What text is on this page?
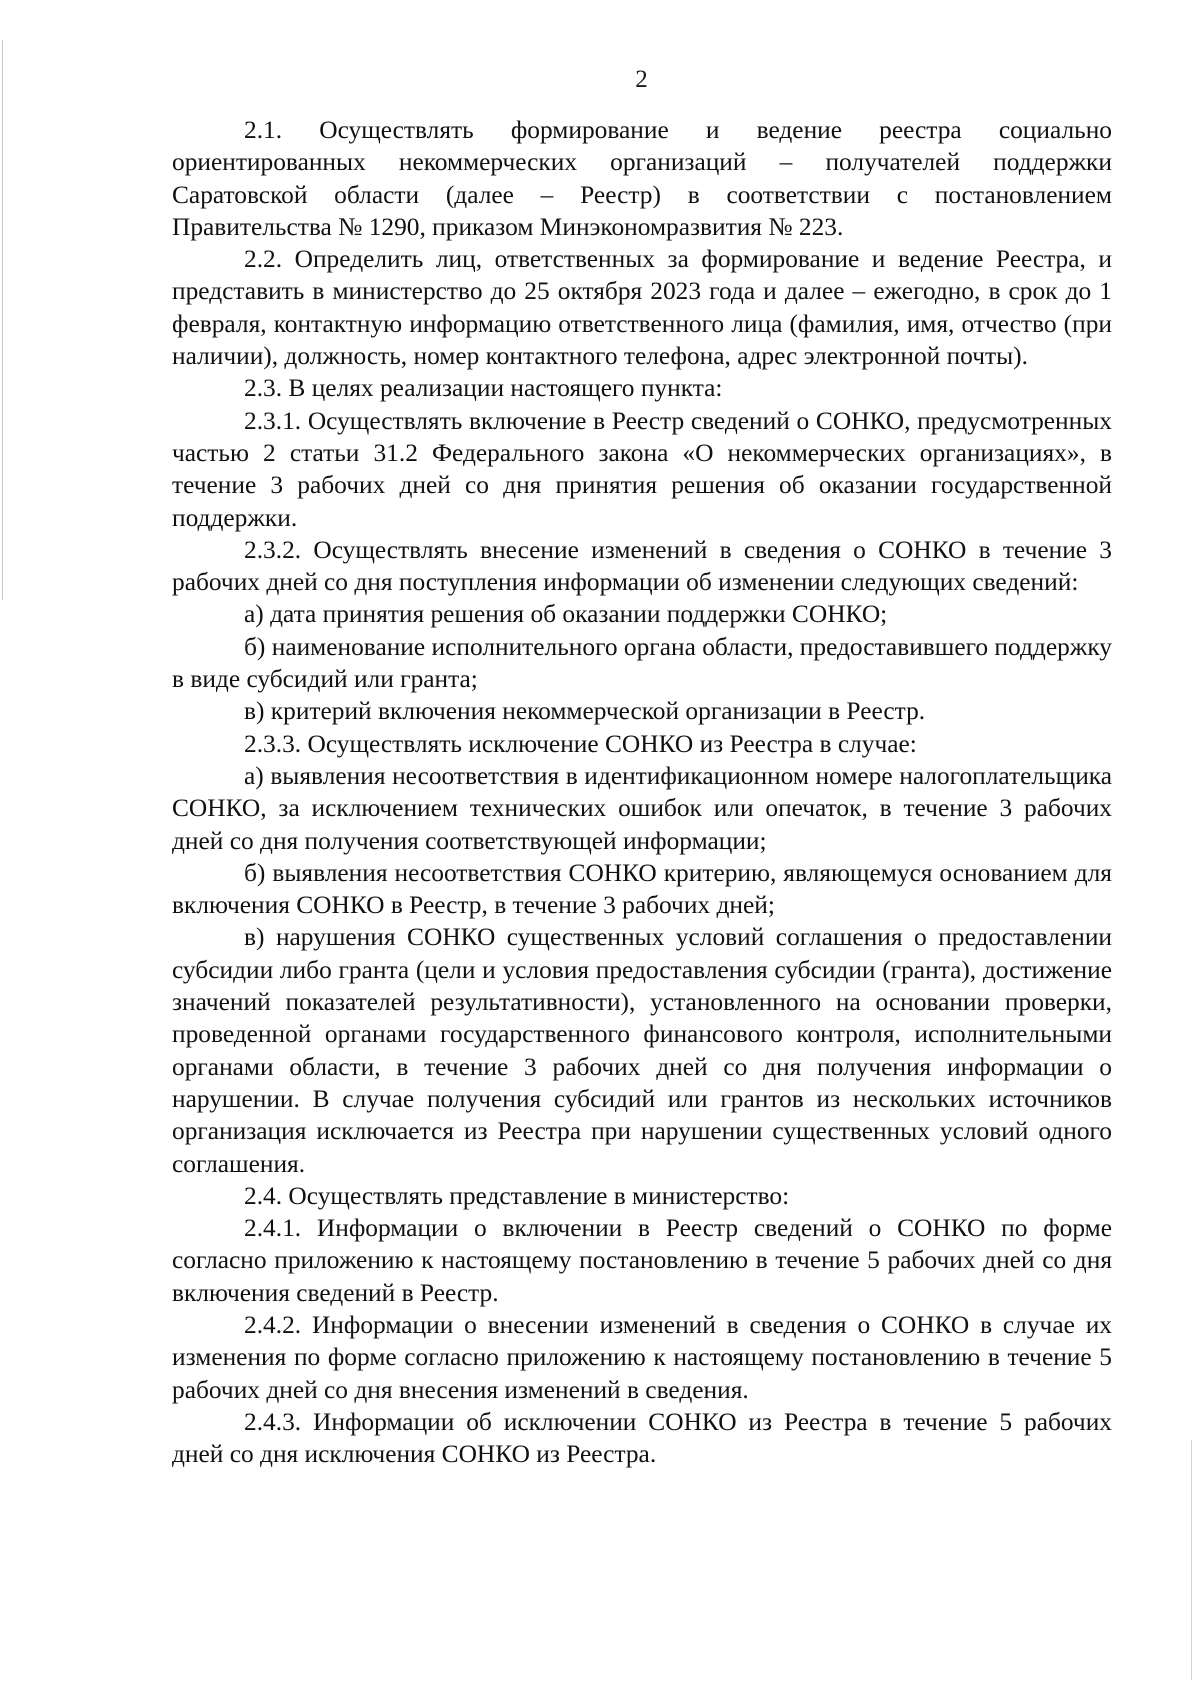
2

2.1. Осуществлять формирование и ведение реестра социально ориентированных некоммерческих организаций – получателей поддержки Саратовской области (далее – Реестр) в соответствии с постановлением Правительства № 1290, приказом Минэкономразвития № 223.

2.2. Определить лиц, ответственных за формирование и ведение Реестра, и представить в министерство до 25 октября 2023 года и далее – ежегодно, в срок до 1 февраля, контактную информацию ответственного лица (фамилия, имя, отчество (при наличии), должность, номер контактного телефона, адрес электронной почты).

2.3. В целях реализации настоящего пункта:

2.3.1. Осуществлять включение в Реестр сведений о СОНКО, предусмотренных частью 2 статьи 31.2 Федерального закона «О некоммерческих организациях», в течение 3 рабочих дней со дня принятия решения об оказании государственной поддержки.

2.3.2. Осуществлять внесение изменений в сведения о СОНКО в течение 3 рабочих дней со дня поступления информации об изменении следующих сведений:

а) дата принятия решения об оказании поддержки СОНКО;

б) наименование исполнительного органа области, предоставившего поддержку в виде субсидий или гранта;

в) критерий включения некоммерческой организации в Реестр.

2.3.3. Осуществлять исключение СОНКО из Реестра в случае:

а) выявления несоответствия в идентификационном номере налогоплательщика СОНКО, за исключением технических ошибок или опечаток, в течение 3 рабочих дней со дня получения соответствующей информации;

б) выявления несоответствия СОНКО критерию, являющемуся основанием для включения СОНКО в Реестр, в течение 3 рабочих дней;

в) нарушения СОНКО существенных условий соглашения о предоставлении субсидии либо гранта (цели и условия предоставления субсидии (гранта), достижение значений показателей результативности), установленного на основании проверки, проведенной органами государственного финансового контроля, исполнительными органами области, в течение 3 рабочих дней со дня получения информации о нарушении. В случае получения субсидий или грантов из нескольких источников организация исключается из Реестра при нарушении существенных условий одного соглашения.

2.4. Осуществлять представление в министерство:

2.4.1. Информации о включении в Реестр сведений о СОНКО по форме согласно приложению к настоящему постановлению в течение 5 рабочих дней со дня включения сведений в Реестр.

2.4.2. Информации о внесении изменений в сведения о СОНКО в случае их изменения по форме согласно приложению к настоящему постановлению в течение 5 рабочих дней со дня внесения изменений в сведения.

2.4.3. Информации об исключении СОНКО из Реестра в течение 5 рабочих дней со дня исключения СОНКО из Реестра.
